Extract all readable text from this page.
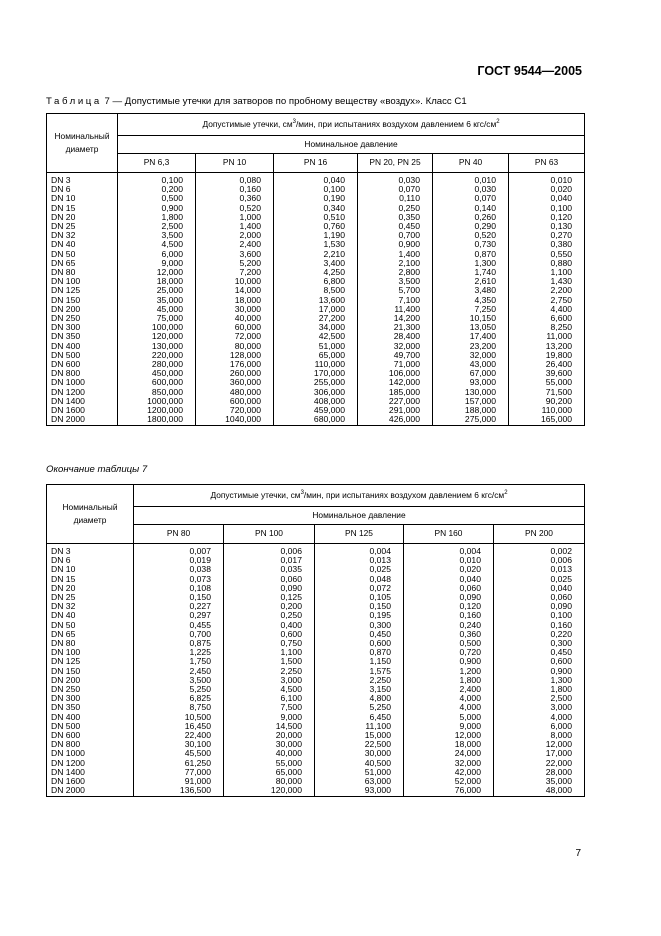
ГОСТ 9544—2005
Таблица 7 — Допустимые утечки для затворов по пробному веществу «воздух». Класс С1
Номинальный диаметр	Допустимые утечки, $см^3$/мин, при испытаниях воздухом давлением 6 кгс/$см^2$
	Номинальное давление					
	PN 6,3	PN 10	PN 16	PN 20, PN 25	PN 40	PN 63
DN 3	0,100	0,080	0,040	0,030	0,010	0,010
DN 6	0,200	0,160	0,100	0,070	0,030	0,020
DN 10	0,500	0,360	0,190	0,110	0,070	0,040
DN 15	0,900	0,520	0,340	0,250	0,140	0,100
DN 20	1,800	1,000	0,510	0,350	0,260	0,120
DN 25	2,500	1,400	0,760	0,450	0,290	0,130
DN 32	3,500	2,000	1,190	0,700	0,520	0,270
DN 40	4,500	2,400	1,530	0,900	0,730	0,380
DN 50	6,000	3,600	2,210	1,400	0,870	0,550
DN 65	9,000	5,200	3,400	2,100	1,300	0,880
DN 80	12,000	7,200	4,250	2,800	1,740	1,100
DN 100	18,000	10,000	6,800	3,500	2,610	1,430
DN 125	25,000	14,000	8,500	5,700	3,480	2,200
DN 150	35,000	18,000	13,600	7,100	4,350	2,750
DN 200	45,000	30,000	17,000	11,400	7,250	4,400
DN 250	75,000	40,000	27,200	14,200	10,150	6,600
DN 300	100,000	60,000	34,000	21,300	13,050	8,250
DN 350	120,000	72,000	42,500	28,400	17,400	11,000
DN 400	130,000	80,000	51,000	32,000	23,200	13,200
DN 500	220,000	128,000	65,000	49,700	32,000	19,800
DN 600	280,000	176,000	110,000	71,000	43,000	26,400
DN 800	450,000	260,000	170,000	106,000	67,000	39,600
DN 1000	600,000	360,000	255,000	142,000	93,000	55,000
DN 1200	850,000	480,000	306,000	185,000	130,000	71,500
DN 1400	1000,000	600,000	408,000	227,000	157,000	90,200
DN 1600	1200,000	720,000	459,000	291,000	188,000	110,000
DN 2000	1800,000	1040,000	680,000	426,000	275,000	165,000
Окончание таблицы 7
Номинальный диаметр	Допустимые утечки, $см^3$/мин, при испытаниях воздухом давлением 6 кгс/$см^2$
	Номинальное давление				
	PN 80	PN 100	PN 125	PN 160	PN 200
DN 3	0,007	0,006	0,004	0,004	0,002
DN 6	0,019	0,017	0,013	0,010	0,006
DN 10	0,038	0,035	0,025	0,020	0,013
DN 15	0,073	0,060	0,048	0,040	0,025
DN 20	0,108	0,090	0,072	0,060	0,040
DN 25	0,150	0,125	0,105	0,090	0,060
DN 32	0,227	0,200	0,150	0,120	0,090
DN 40	0,297	0,250	0,195	0,160	0,100
DN 50	0,455	0,400	0,300	0,240	0,160
DN 65	0,700	0,600	0,450	0,360	0,220
DN 80	0,875	0,750	0,600	0,500	0,300
DN 100	1,225	1,100	0,870	0,720	0,450
DN 125	1,750	1,500	1,150	0,900	0,600
DN 150	2,450	2,250	1,575	1,200	0,900
DN 200	3,500	3,000	2,250	1,800	1,300
DN 250	5,250	4,500	3,150	2,400	1,800
DN 300	6,825	6,100	4,800	4,000	2,500
DN 350	8,750	7,500	5,250	4,000	3,000
DN 400	10,500	9,000	6,450	5,000	4,000
DN 500	16,450	14,500	11,100	9,000	6,000
DN 600	22,400	20,000	15,000	12,000	8,000
DN 800	30,100	30,000	22,500	18,000	12,000
DN 1000	45,500	40,000	30,000	24,000	17,000
DN 1200	61,250	55,000	40,500	32,000	22,000
DN 1400	77,000	65,000	51,000	42,000	28,000
DN 1600	91,000	80,000	63,000	52,000	35,000
DN 2000	136,500	120,000	93,000	76,000	48,000
7
